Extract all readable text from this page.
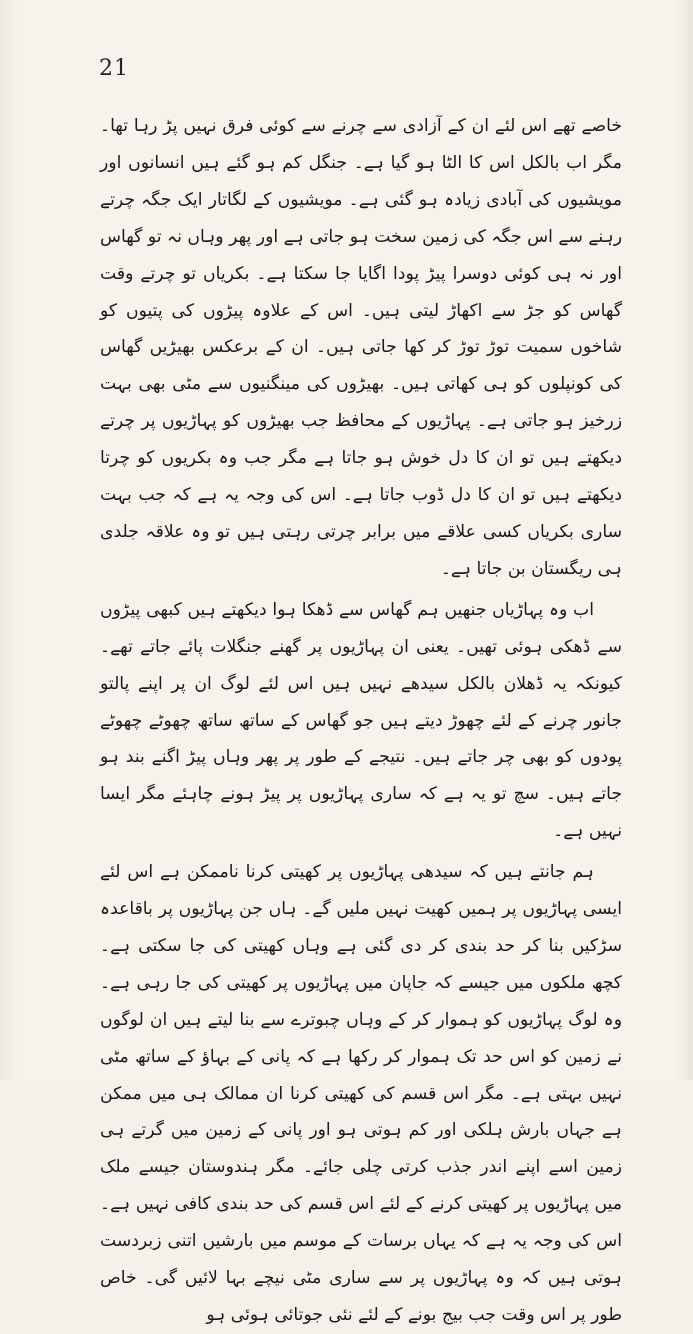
21

خاصے تھے اس لئے ان کے آزادی سے چرنے سے کوئی فرق نہیں پڑ رہا تھا۔ مگر اب بالکل اس کا الٹا ہو گیا ہے۔ جنگل کم ہو گئے ہیں انسانوں اور مویشیوں کی آبادی زیادہ ہو گئی ہے۔ مویشیوں کے لگاتار ایک جگہ چرتے رہنے سے اس جگہ کی زمین سخت ہو جاتی ہے اور پھر وہاں نہ تو گھاس اور نہ ہی کوئی دوسرا پیڑ پودا اگایا جا سکتا ہے۔ بکریاں تو چرتے وقت گھاس کو جڑ سے اکھاڑ لیتی ہیں۔ اس کے علاوہ پیڑوں کی پتیوں کو شاخوں سمیت توڑ توڑ کر کھا جاتی ہیں۔ ان کے برعکس بھیڑیں گھاس کی کونپلوں کو ہی کھاتی ہیں۔ بھیڑوں کی مینگنیوں سے مٹی بھی بہت زرخیز ہو جاتی ہے۔ پہاڑیوں کے محافظ جب بھیڑوں کو پہاڑیوں پر چرتے دیکھتے ہیں تو ان کا دل خوش ہو جاتا ہے مگر جب وہ بکریوں کو چرتا دیکھتے ہیں تو ان کا دل ڈوب جاتا ہے۔ اس کی وجہ یہ ہے کہ جب بہت ساری بکریاں کسی علاقے میں برابر چرتی رہتی ہیں تو وہ علاقہ جلدی ہی ریگستان بن جاتا ہے۔

اب وہ پہاڑیاں جنھیں ہم گھاس سے ڈھکا ہوا دیکھتے ہیں کبھی پیڑوں سے ڈھکی ہوئی تھیں۔ یعنی ان پہاڑیوں پر گھنے جنگلات پائے جاتے تھے۔ کیونکہ یہ ڈھلان بالکل سیدھے نہیں ہیں اس لئے لوگ ان پر اپنے پالتو جانور چرنے کے لئے چھوڑ دیتے ہیں جو گھاس کے ساتھ ساتھ چھوٹے چھوٹے پودوں کو بھی چر جاتے ہیں۔ نتیجے کے طور پر پھر وہاں پیڑ اگنے بند ہو جاتے ہیں۔ سچ تو یہ ہے کہ ساری پہاڑیوں پر پیڑ ہونے چاہئے مگر ایسا نہیں ہے۔

ہم جانتے ہیں کہ سیدھی پہاڑیوں پر کھیتی کرنا ناممکن ہے اس لئے ایسی پہاڑیوں پر ہمیں کھیت نہیں ملیں گے۔ ہاں جن پہاڑیوں پر باقاعدہ سڑکیں بنا کر حد بندی کر دی گئی ہے وہاں کھیتی کی جا سکتی ہے۔ کچھ ملکوں میں جیسے کہ جاپان میں پہاڑیوں پر کھیتی کی جا رہی ہے۔ وہ لوگ پہاڑیوں کو ہموار کر کے وہاں چبوترے سے بنا لیتے ہیں ان لوگوں نے زمین کو اس حد تک ہموار کر رکھا ہے کہ پانی کے بہاؤ کے ساتھ مٹی نہیں بہتی ہے۔ مگر اس قسم کی کھیتی کرنا ان ممالک ہی میں ممکن ہے جہاں بارش ہلکی اور کم ہوتی ہو اور پانی کے زمین میں گرتے ہی زمین اسے اپنے اندر جذب کرتی چلی جائے۔ مگر ہندوستان جیسے ملک میں پہاڑیوں پر کھیتی کرنے کے لئے اس قسم کی حد بندی کافی نہیں ہے۔ اس کی وجہ یہ ہے کہ یہاں برسات کے موسم میں بارشیں اتنی زبردست ہوتی ہیں کہ وہ پہاڑیوں پر سے ساری مٹی نیچے بہا لائیں گی۔ خاص طور پر اس وقت جب بیج بونے کے لئے نئی جوتائی ہوئی ہو
